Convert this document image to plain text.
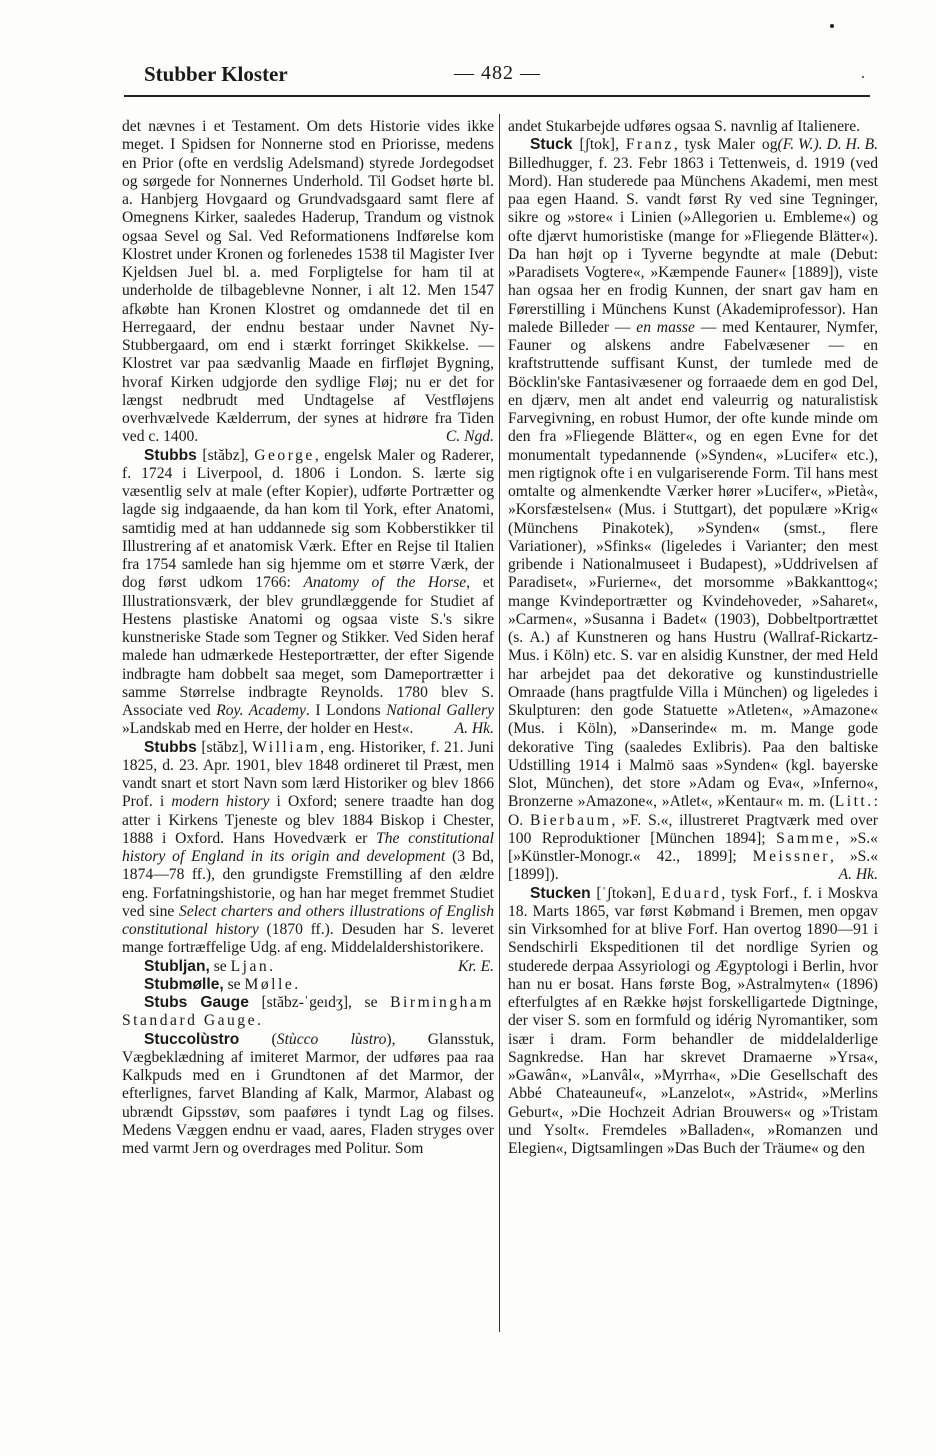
Stubber Kloster	— 482 —

det nævnes i et Testament. Om dets Historie vides ikke meget. I Spidsen for Nonnerne stod en Priorisse, medens en Prior (ofte en verdslig Adelsmand) styrede Jordegodset og sørgede for Nonnernes Underhold. Til Godset hørte bl. a. Hanbjerg Hovgaard og Grundvadsgaard samt flere af Omegnens Kirker, saaledes Haderup, Trandum og vistnok ogsaa Sevel og Sal. Ved Reformationens Indførelse kom Klostret under Kronen og forlenedes 1538 til Magister Iver Kjeldsen Juel bl. a. med Forpligtelse for ham til at underholde de tilbageblevne Nonner, i alt 12. Men 1547 afkøbte han Kronen Klostret og omdannede det til en Herregaard, der endnu bestaar under Navnet Ny-Stubbergaard, om end i stærkt forringet Skikkelse. — Klostret var paa sædvanlig Maade en firfløjet Bygning, hvoraf Kirken udgjorde den sydlige Fløj; nu er det for længst nedbrudt med Undtagelse af Vestfløjens overhvælvede Kælderrum, der synes at hidrøre fra Tiden ved c. 1400.	C. Ngd.

Stubbs [stăbz], George, engelsk Maler og Raderer, f. 1724 i Liverpool, d. 1806 i London. S. lærte sig væsentlig selv at male (efter Kopier), udførte Portrætter og lagde sig indgaaende, da han kom til York, efter Anatomi, samtidig med at han uddannede sig som Kobberstikker til Illustrering af et anatomisk Værk. Efter en Rejse til Italien fra 1754 samlede han sig hjemme om et større Værk, der dog først udkom 1766: Anatomy of the Horse, et Illustrationsværk, der blev grundlæggende for Studiet af Hestens plastiske Anatomi og ogsaa viste S.'s sikre kunstneriske Stade som Tegner og Stikker. Ved Siden heraf malede han udmærkede Hesteportrætter, der efter Sigende indbragte ham dobbelt saa meget, som Dameportrætter i samme Størrelse indbragte Reynolds. 1780 blev S. Associate ved Roy. Academy. I Londons National Gallery »Landskab med en Herre, der holder en Hest«.	A. Hk.

Stubbs [stăbz], William, eng. Historiker, f. 21. Juni 1825, d. 23. Apr. 1901, blev 1848 ordineret til Præst, men vandt snart et stort Navn som lærd Historiker og blev 1866 Prof. i modern history i Oxford; senere traadte han dog atter i Kirkens Tjeneste og blev 1884 Biskop i Chester, 1888 i Oxford. Hans Hovedværk er The constitutional history of England in its origin and development (3 Bd, 1874—78 ff.), den grundigste Fremstilling af den ældre eng. Forfatningshistorie, og han har meget fremmet Studiet ved sine Select charters and others illustrations of English constitutional history (1870 ff.). Desuden har S. leveret mange fortræffelige Udg. af eng. Middelaldershistorikere.
Kr. E.

Stubljan, se Ljan.

Stubmølle, se Mølle.

Stubs Gauge [stăbz-ˈgeıdʒ], se Birmingham Standard Gauge.

Stuccolùstro (Stùcco lùstro), Glansstuk, Vægbeklædning af imiteret Marmor, der udføres paa raa Kalkpuds med en i Grundtonen af det Marmor, der efterlignes, farvet Blanding af Kalk, Marmor, Alabast og ubrændt Gipsstøv, som paaføres i tyndt Lag og filses. Medens Væggen endnu er vaad, aares, Fladen stryges over med varmt Jern og overdrages med Politur. Som

andet Stukarbejde udføres ogsaa S. navnlig af Italienere.
(F. W.). D. H. B.

Stuck [ʃtok], Franz, tysk Maler og Billedhugger, f. 23. Febr 1863 i Tettenweis, d. 1919 (ved Mord). Han studerede paa Münchens Akademi, men mest paa egen Haand. S. vandt først Ry ved sine Tegninger, sikre og »store« i Linien (»Allegorien u. Embleme«) og ofte djærvt humoristiske (mange for »Fliegende Blätter«). Da han højt op i Tyverne begyndte at male (Debut: »Paradisets Vogtere«, »Kæmpende Fauner« [1889]), viste han ogsaa her en frodig Kunnen, der snart gav ham en Førerstilling i Münchens Kunst (Akademiprofessor). Han malede Billeder — en masse — med Kentaurer, Nymfer, Fauner og alskens andre Fabelvæsener — en kraftstruttende suffisant Kunst, der tumlede med de Böcklin'ske Fantasivæsener og forraaede dem en god Del, en djærv, men alt andet end valeurrig og naturalistisk Farvegivning, en robust Humor, der ofte kunde minde om den fra »Fliegende Blätter«, og en egen Evne for det monumentalt typedannende (»Synden«, »Lucifer« etc.), men rigtignok ofte i en vulgariserende Form. Til hans mest omtalte og almenkendte Værker hører »Lucifer«, »Pietà«, »Korsfæstelsen« (Mus. i Stuttgart), det populære »Krig« (Münchens Pinakotek), »Synden« (smst., flere Variationer), »Sfinks« (ligeledes i Varianter; den mest gribende i Nationalmuseet i Budapest), »Uddrivelsen af Paradiset«, »Furierne«, det morsomme »Bakkanttog«; mange Kvindeportrætter og Kvindehoveder, »Saharet«, »Carmen«, »Susanna i Badet« (1903), Dobbeltportrættet (s. A.) af Kunstneren og hans Hustru (Wallraf-Rickartz-Mus. i Köln) etc. S. var en alsidig Kunstner, der med Held har arbejdet paa det dekorative og kunstindustrielle Omraade (hans pragtfulde Villa i München) og ligeledes i Skulpturen: den gode Statuette »Atleten«, »Amazone« (Mus. i Köln), »Danserinde« m. m. Mange gode dekorative Ting (saaledes Exlibris). Paa den baltiske Udstilling 1914 i Malmö saas »Synden« (kgl. bayerske Slot, München), det store »Adam og Eva«, »Inferno«, Bronzerne »Amazone«, »Atlet«, »Kentaur« m. m. (Litt.: O. Bierbaum, »F. S.«, illustreret Pragtværk med over 100 Reproduktioner [München 1894]; Samme, »S.« [»Künstler-Monogr.« 42., 1899]; Meissner, »S.« [1899]).	A. Hk.

Stucken [ˈʃtokən], Eduard, tysk Forf., f. i Moskva 18. Marts 1865, var først Købmand i Bremen, men opgav sin Virksomhed for at blive Forf. Han overtog 1890—91 i Sendschirli Ekspeditionen til det nordlige Syrien og studerede derpaa Assyriologi og Ægyptologi i Berlin, hvor han nu er bosat. Hans første Bog, »Astralmyten« (1896) efterfulgtes af en Række højst forskelligartede Digtninge, der viser S. som en formfuld og idérig Nyromantiker, som især i dram. Form behandler de middelalderlige Sagnkredse. Han har skrevet Dramaerne »Yrsa«, »Gawân«, »Lanvâl«, »Myrrha«, »Die Gesellschaft des Abbé Chateauneuf«, »Lanzelot«, »Astrid«, »Merlins Geburt«, »Die Hochzeit Adrian Brouwers« og »Tristam und Ysolt«. Fremdeles »Balladen«, »Romanzen und Elegien«, Digtsamlingen »Das Buch der Träume« og den
